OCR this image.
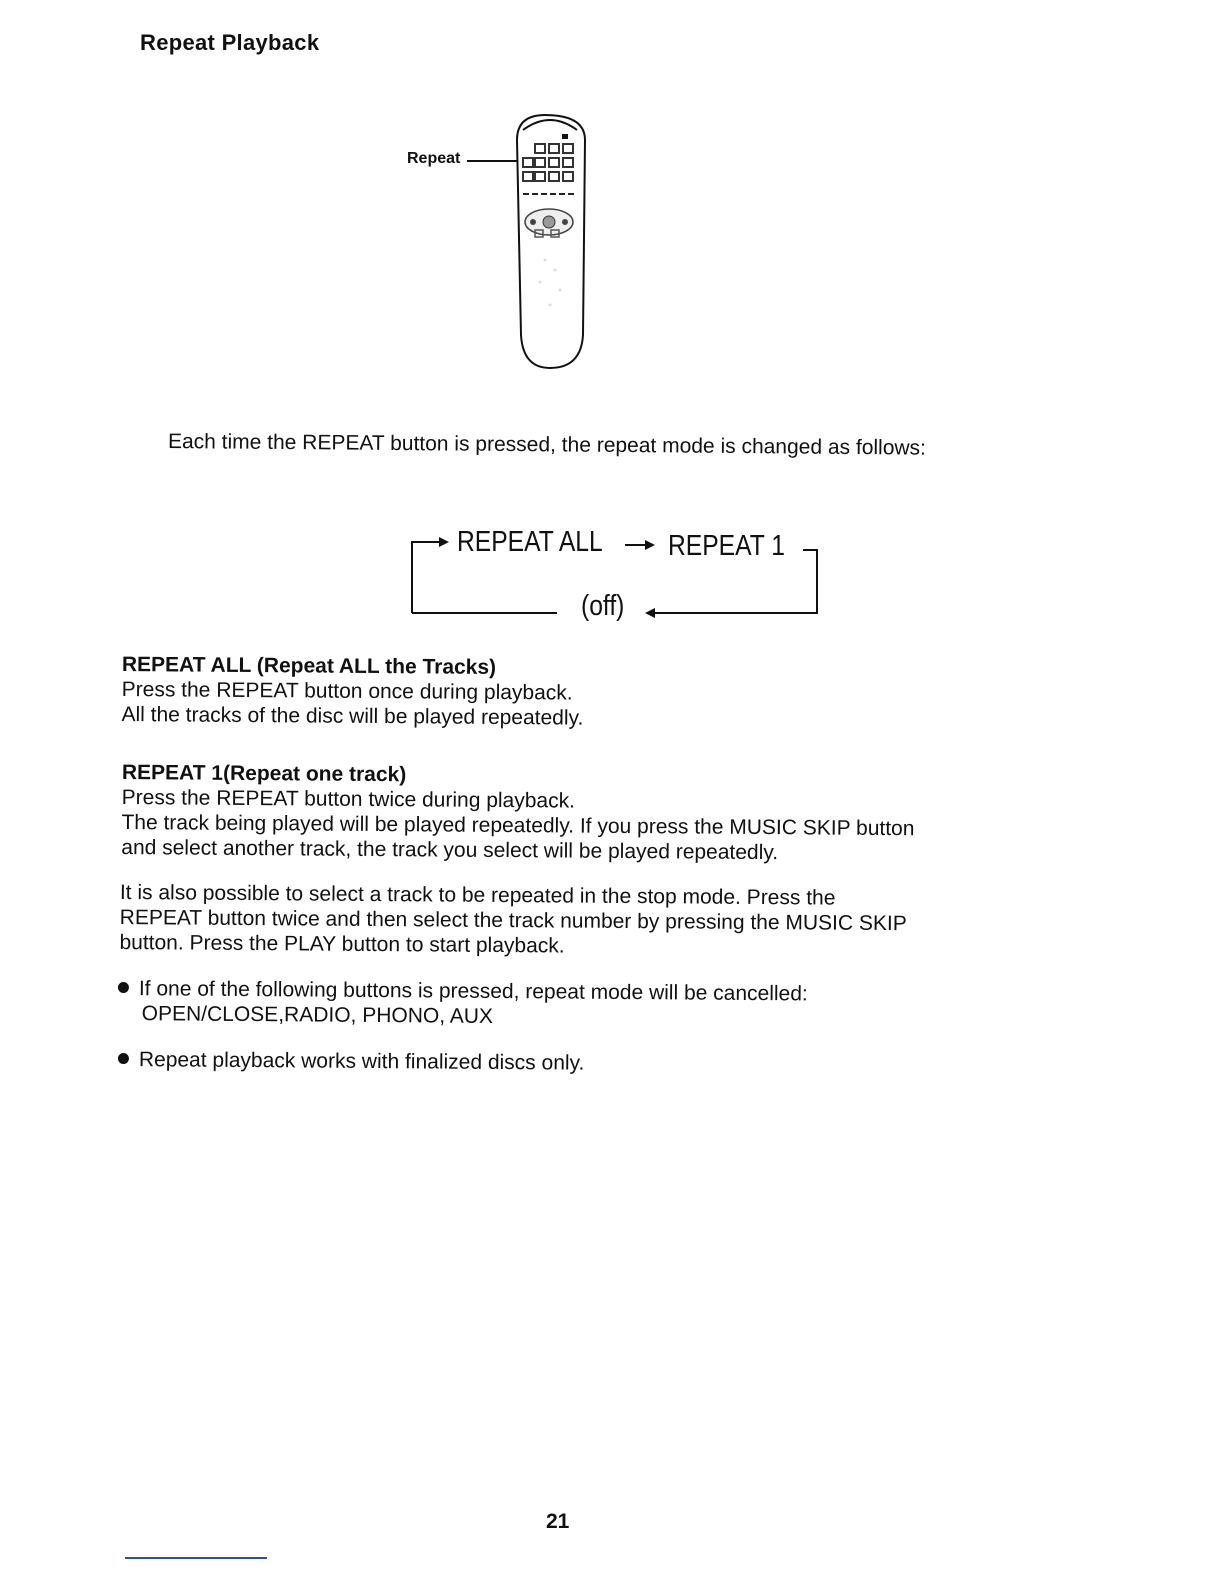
Repeat Playback
Repeat
Each time the REPEAT button is pressed, the repeat mode is changed as follows:
REPEAT ALL REPEAT 1
(off)

REPEAT ALL (Repeat ALL the Tracks)

Press the REPEAT button once during playback.

All the tracks of the disc will be played repeatedly.

REPEAT 1(Repeat one track)

Press the REPEAT button twice during playback.

The track being played will be played repeatedly. If you press the MUSIC SKIP button

and select another track, the track you select will be played repeatedly.

It is also possible to select a track to be repeated in the stop mode. Press the

REPEAT button twice and then select the track number by pressing the MUSIC SKIP

button. Press the PLAY button to start playback.

If one of the following buttons is pressed, repeat mode will be cancelled:
OPEN/CLOSE,RADIO, PHONO, AUX
Repeat playback works with finalized discs only.
21
